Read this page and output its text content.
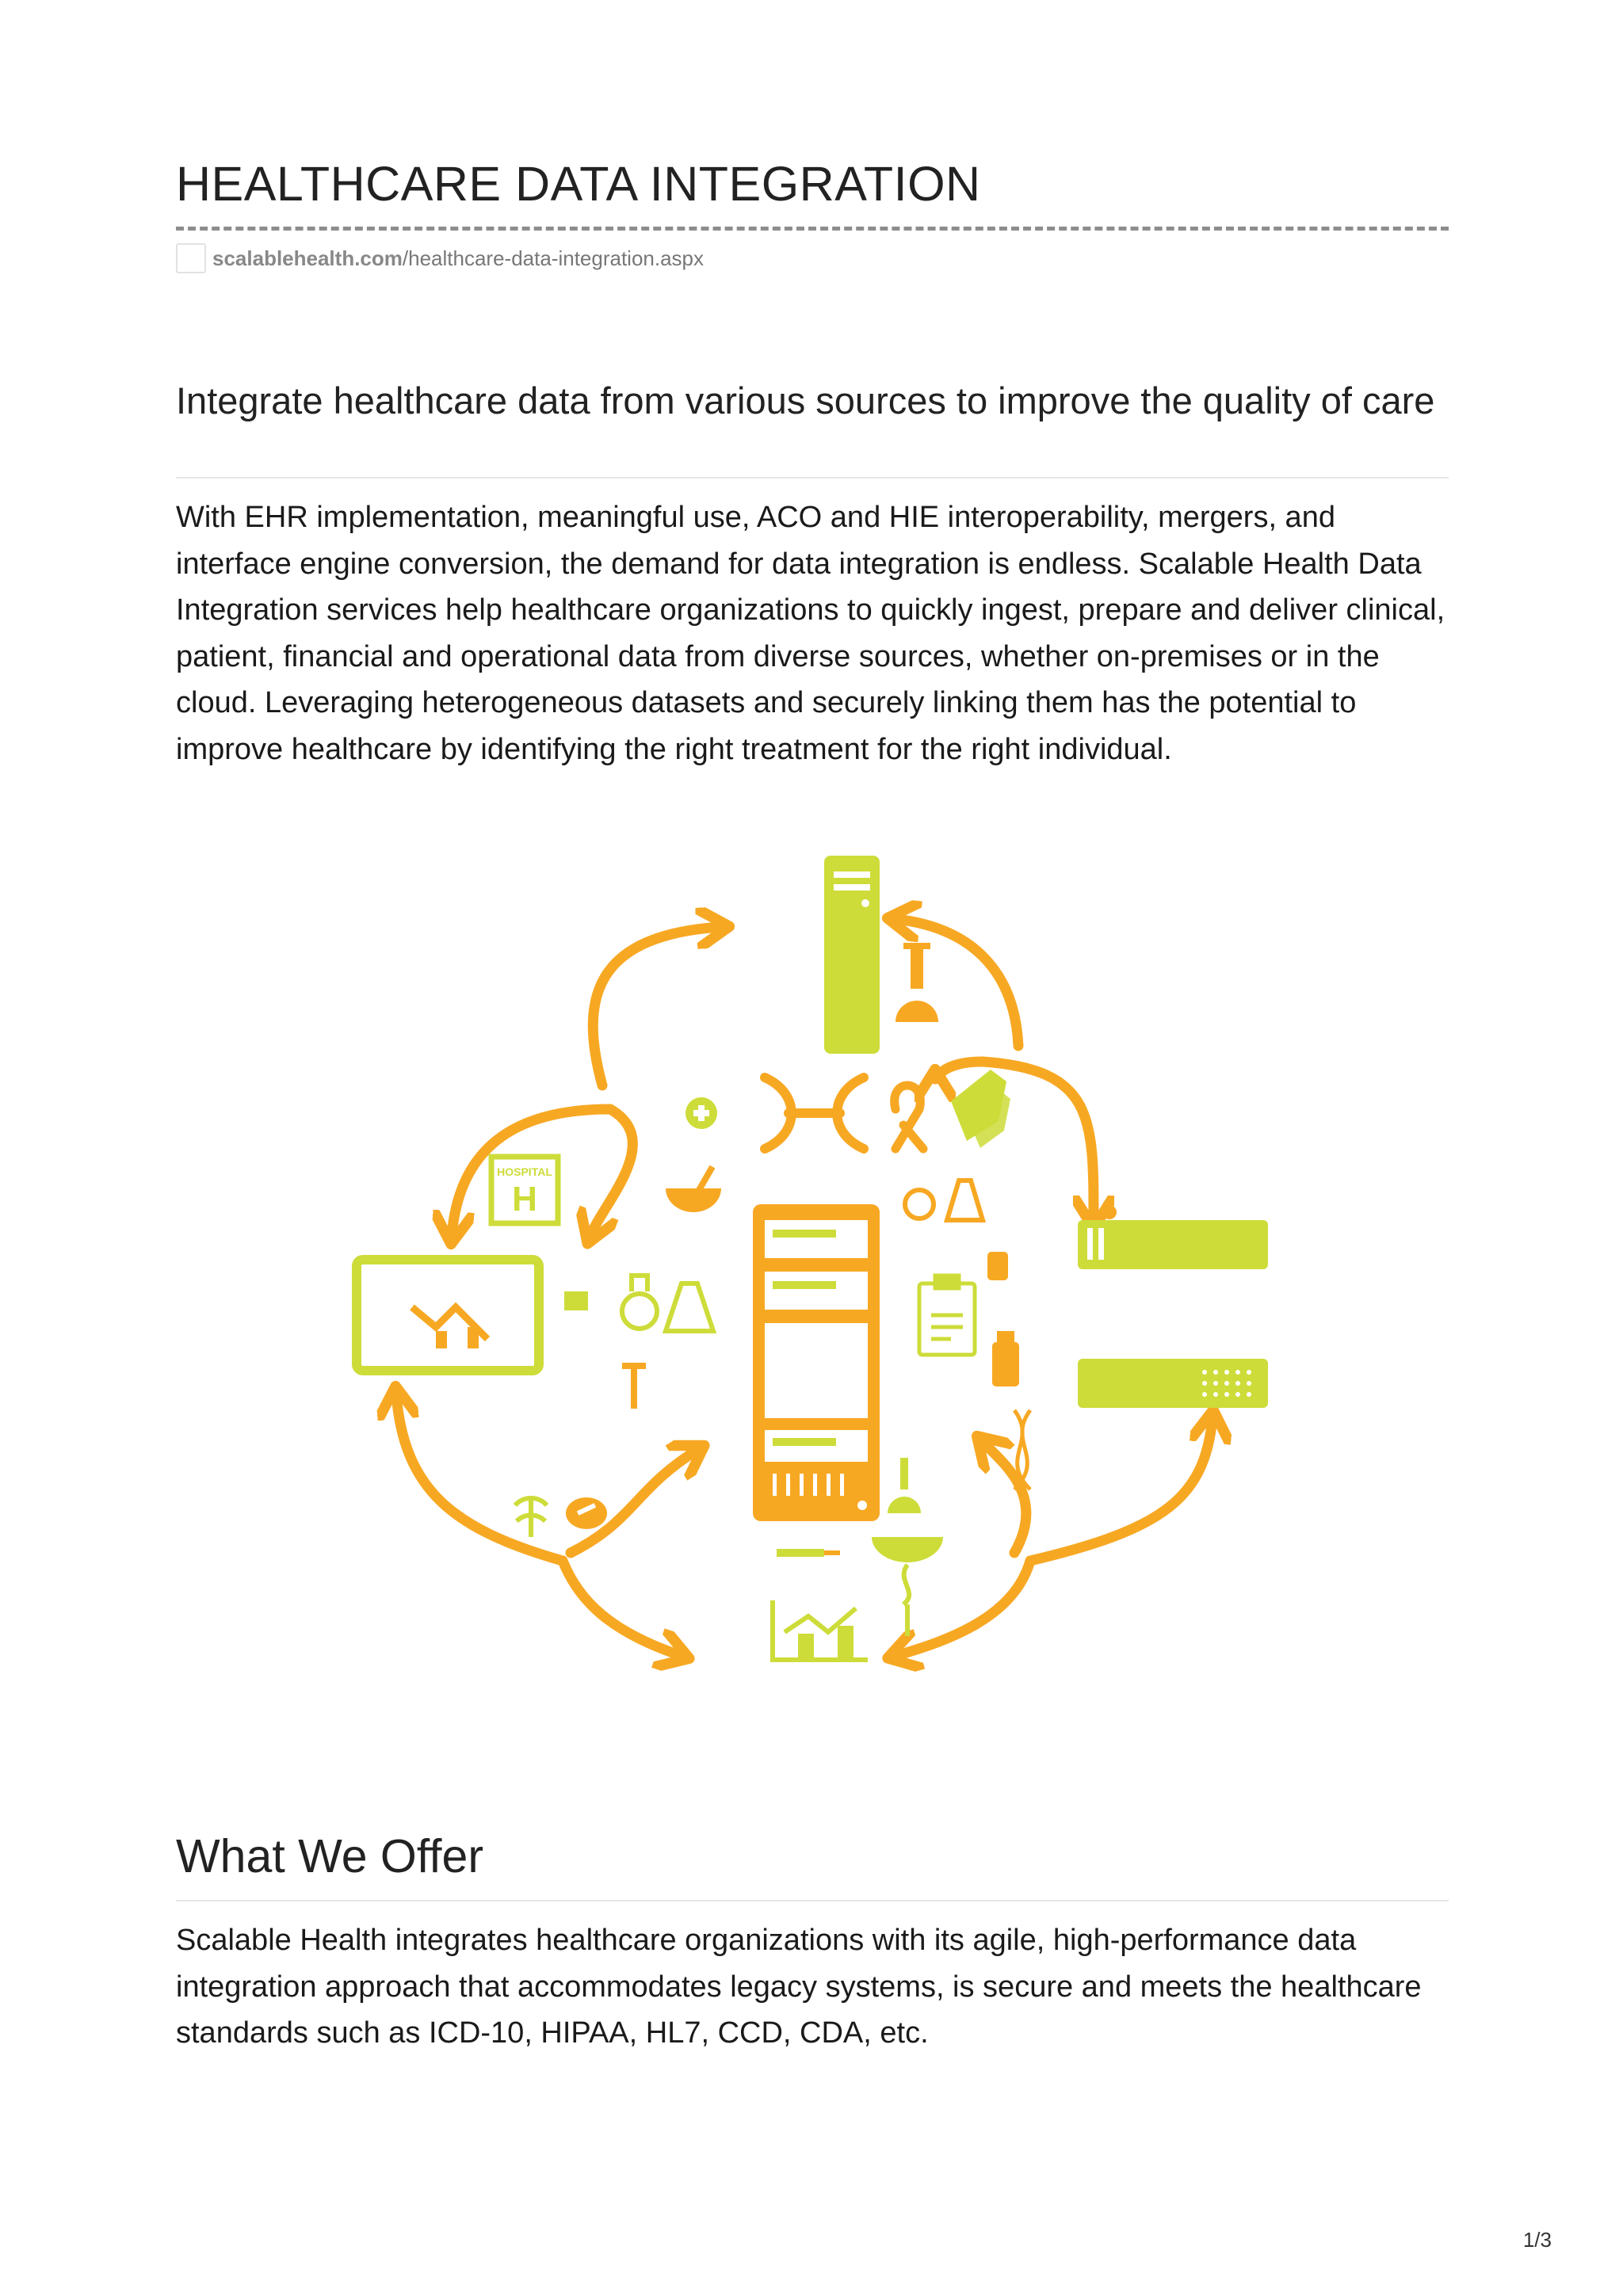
HEALTHCARE DATA INTEGRATION
scalablehealth.com /healthcare-data-integration.aspx
Integrate healthcare data from various sources to improve the quality of care
With EHR implementation, meaningful use, ACO and HIE interoperability, mergers, and interface engine conversion, the demand for data integration is endless. Scalable Health Data Integration services help healthcare organizations to quickly ingest, prepare and deliver clinical, patient, financial and operational data from diverse sources, whether on-premises or in the cloud. Leveraging heterogeneous datasets and securely linking them has the potential to improve healthcare by identifying the right treatment for the right individual.
HOSPITAL
H
What We Offer
Scalable Health integrates healthcare organizations with its agile, high-performance data integration approach that accommodates legacy systems, is secure and meets the healthcare standards such as ICD-10, HIPAA, HL7, CCD, CDA, etc.
1/3
